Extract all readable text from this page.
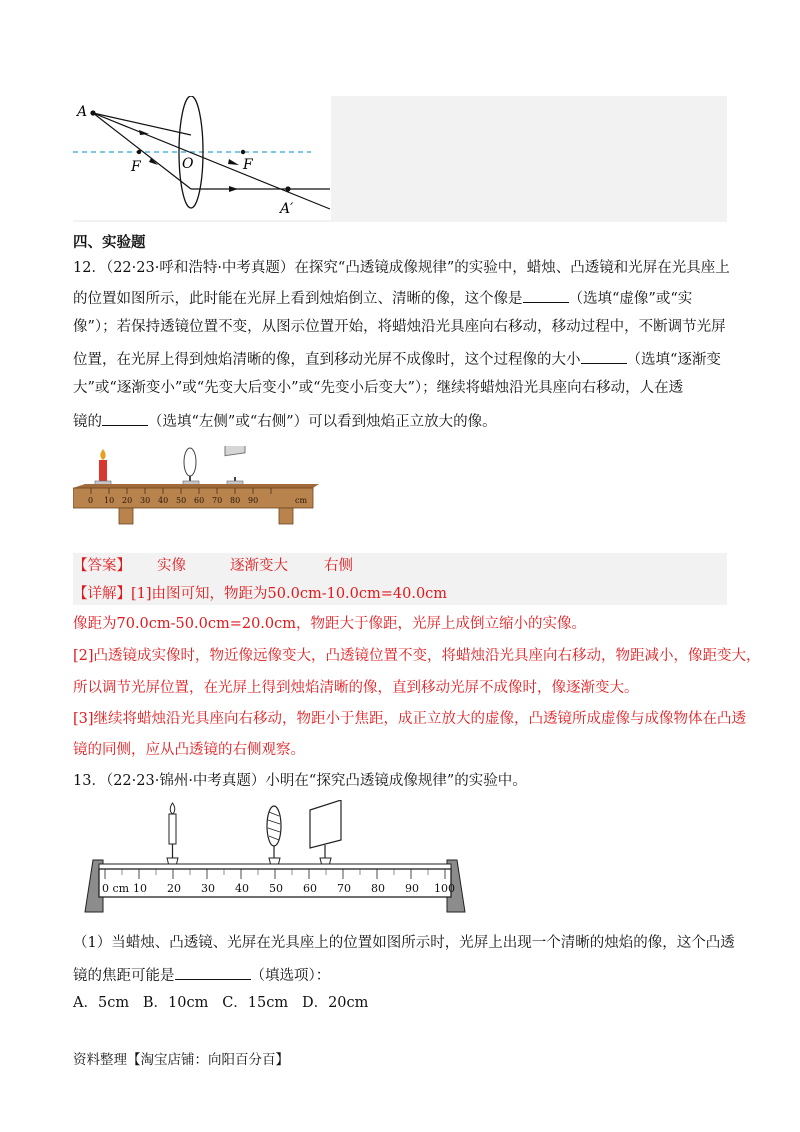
A
F	O	F
A′
四、实验题
12．（22·23·呼和浩特·中考真题）在探究“凸透镜成像规律”的实验中，蜡烛、凸透镜和光屏在光具座上
的位置如图所示，此时能在光屏上看到烛焰倒立、清晰的像，这个像是	（选填“虚像”或“实
像”）；若保持透镜位置不变，从图示位置开始，将蜡烛沿光具座向右移动，移动过程中，不断调节光屏
位置，在光屏上得到烛焰清晰的像，直到移动光屏不成像时，这个过程像的大小	（选填“逐渐变
大”或“逐渐变小”或“先变大后变小”或“先变小后变大”）；继续将蜡烛沿光具座向右移动，人在透
镜的	（选填“左侧”或“右侧”）可以看到烛焰正立放大的像。
0 10 20 30 40 50 60 70 80 90	cm
【答案】 实像	逐渐变大 右侧
【详解】[1]由图可知，物距为50.0cm-10.0cm=40.0cm
像距为70.0cm-50.0cm=20.0cm，物距大于像距，光屏上成倒立缩小的实像。
[2]凸透镜成实像时，物近像远像变大，凸透镜位置不变，将蜡烛沿光具座向右移动，物距减小，像距变大，
所以调节光屏位置，在光屏上得到烛焰清晰的像，直到移动光屏不成像时，像逐渐变大。
[3]继续将蜡烛沿光具座向右移动，物距小于焦距，成正立放大的虚像，凸透镜所成虚像与成像物体在凸透
镜的同侧，应从凸透镜的右侧观察。
13．（22·23·锦州·中考真题）小明在“探究凸透镜成像规律”的实验中。
0 cm 10 20 30 40 50 60 70 80 90 100
（1）当蜡烛、凸透镜、光屏在光具座上的位置如图所示时，光屏上出现一个清晰的烛焰的像，这个凸透
镜的焦距可能是	（填选项）：
A．5cm   B．10cm   C．15cm   D．20cm
资料整理【淘宝店铺：向阳百分百】
